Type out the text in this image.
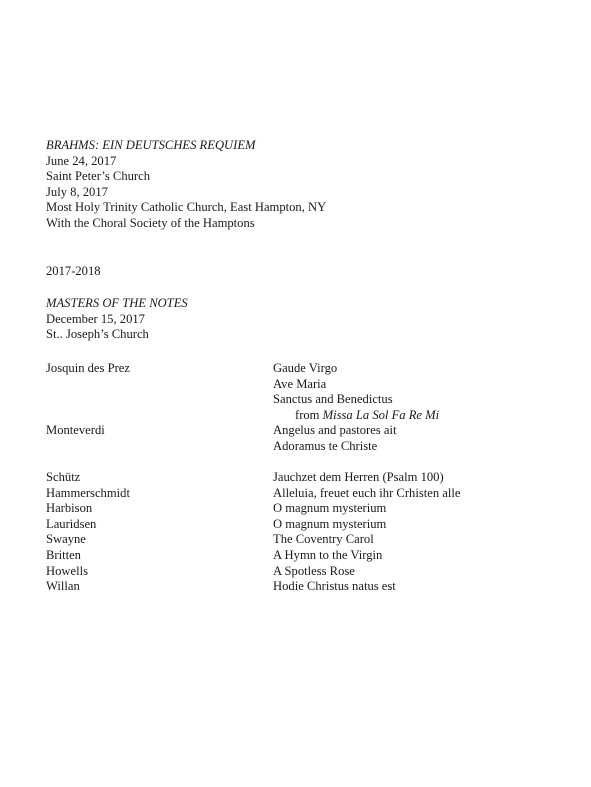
BRAHMS: EIN DEUTSCHES REQUIEM
June 24, 2017
Saint Peter’s Church
July 8, 2017
Most Holy Trinity Catholic Church, East Hampton, NY
With the Choral Society of the Hamptons
2017-2018
MASTERS OF THE NOTES
December 15, 2017
St.. Joseph’s Church
Josquin des Prez	Gaude Virgo
Ave Maria
Sanctus and Benedictus
from Missa La Sol Fa Re Mi
Monteverdi	Angelus and pastores ait
Adoramus te Christe
Schütz	Jauchzet dem Herren (Psalm 100)
Hammerschmidt	Alleluia, freuet euch ihr Crhisten alle
Harbison	O magnum mysterium
Lauridsen	O magnum mysterium
Swayne	The Coventry Carol
Britten	A Hymn to the Virgin
Howells	A Spotless Rose
Willan	Hodie Christus natus est
